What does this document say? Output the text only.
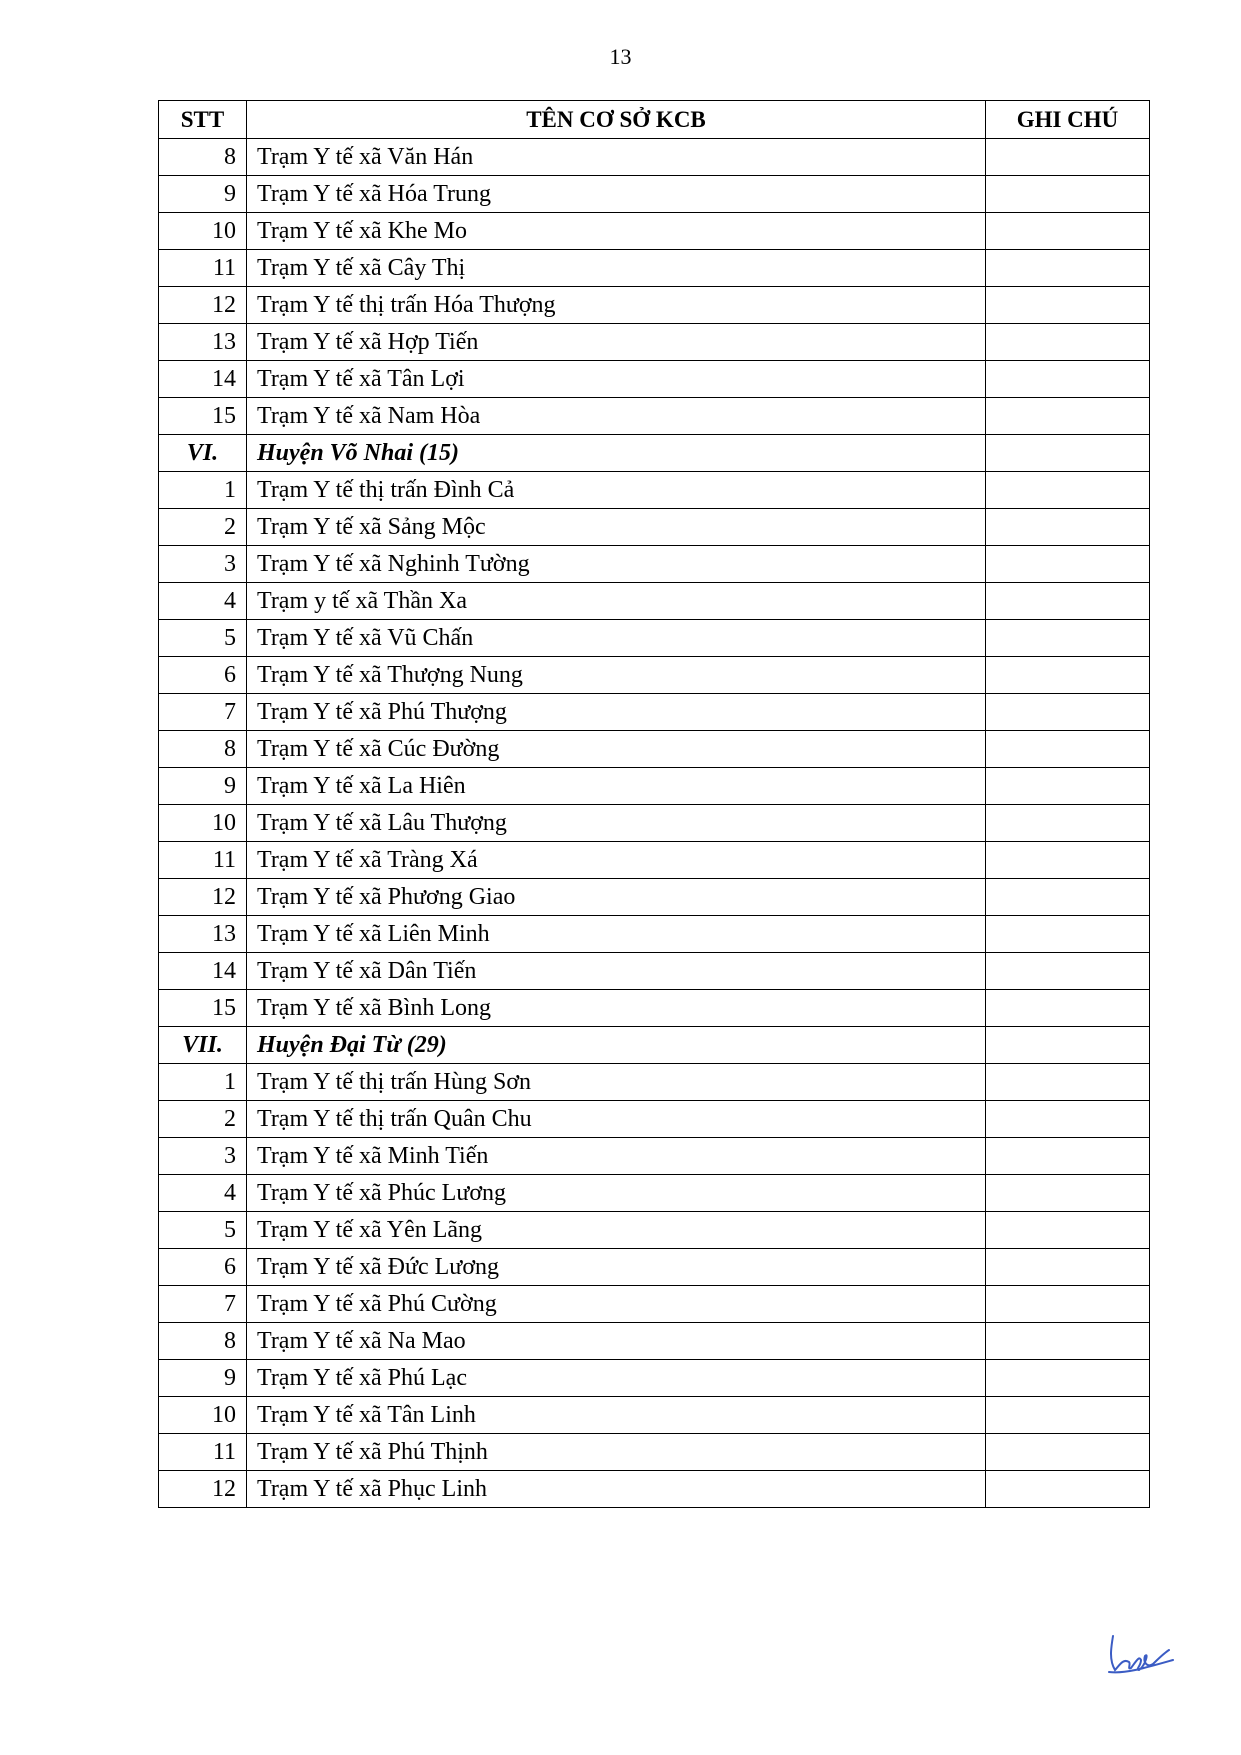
13
STT	TÊN CƠ SỞ KCB	GHI CHÚ
8	Trạm Y tế xã Văn Hán	
9	Trạm Y tế xã Hóa Trung	
10	Trạm Y tế xã Khe Mo	
11	Trạm Y tế xã Cây Thị	
12	Trạm Y tế thị trấn Hóa Thượng	
13	Trạm Y tế xã Hợp Tiến	
14	Trạm Y tế xã Tân Lợi	
15	Trạm Y tế xã Nam Hòa	
VI.	Huyện Võ Nhai (15)	
1	Trạm Y tế thị trấn Đình Cả	
2	Trạm Y tế xã Sảng Mộc	
3	Trạm Y tế xã Nghinh Tường	
4	Trạm y tế xã Thần Xa	
5	Trạm Y tế xã Vũ Chấn	
6	Trạm Y tế xã Thượng Nung	
7	Trạm Y tế xã Phú Thượng	
8	Trạm Y tế xã Cúc Đường	
9	Trạm Y tế xã La Hiên	
10	Trạm Y tế xã Lâu Thượng	
11	Trạm Y tế xã Tràng Xá	
12	Trạm Y tế xã Phương Giao	
13	Trạm Y tế xã Liên Minh	
14	Trạm Y tế xã Dân Tiến	
15	Trạm Y tế xã Bình Long	
VII.	Huyện Đại Từ (29)	
1	Trạm Y tế thị trấn Hùng Sơn	
2	Trạm Y tế thị trấn Quân Chu	
3	Trạm Y tế xã Minh Tiến	
4	Trạm Y tế xã Phúc Lương	
5	Trạm Y tế xã Yên Lãng	
6	Trạm Y tế xã Đức Lương	
7	Trạm Y tế xã Phú Cường	
8	Trạm Y tế xã Na Mao	
9	Trạm Y tế xã Phú Lạc	
10	Trạm Y tế xã Tân Linh	
11	Trạm Y tế xã Phú Thịnh	
12	Trạm Y tế xã Phục Linh	
